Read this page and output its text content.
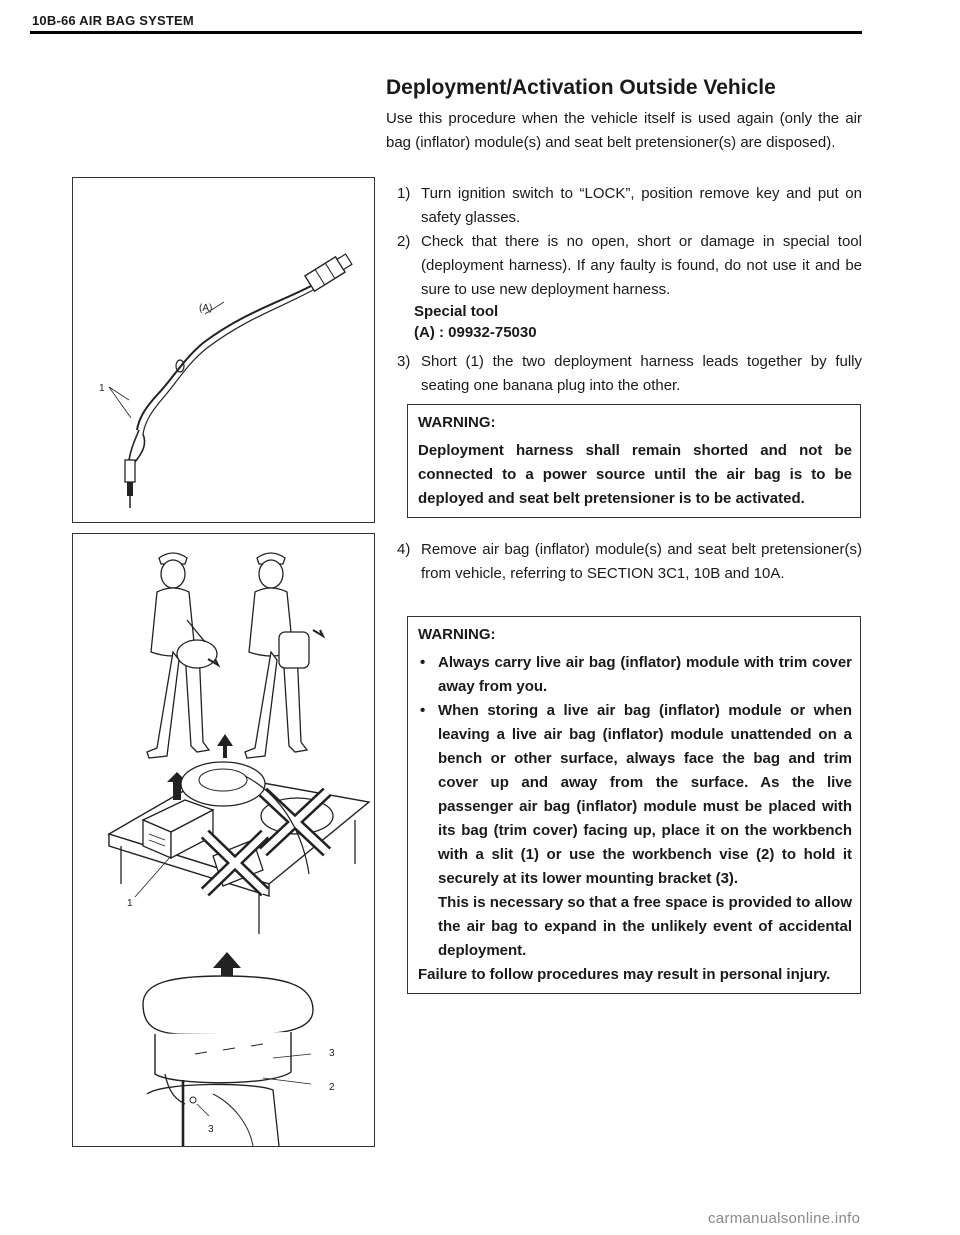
10B-66 AIR BAG SYSTEM
Deployment/Activation Outside Vehicle
Use this procedure when the vehicle itself is used again (only the air bag (inflator) module(s) and seat belt pretensioner(s) are disposed).
(A)
1
1) Turn ignition switch to “LOCK”, position remove key and put on safety glasses.
2) Check that there is no open, short or damage in special tool (deployment harness). If any faulty is found, do not use it and be sure to use new deployment harness.
Special tool
(A) : 09932-75030
3) Short (1) the two deployment harness leads together by fully seating one banana plug into the other.
WARNING:
Deployment harness shall remain shorted and not be connected to a power source until the air bag is to be deployed and seat belt pretensioner is to be activated.
1
3
2
3
4) Remove air bag (inflator) module(s) and seat belt pretensioner(s) from vehicle, referring to SECTION 3C1, 10B and 10A.
WARNING:
• Always carry live air bag (inflator) module with trim cover away from you.
• When storing a live air bag (inflator) module or when leaving a live air bag (inflator) module unattended on a bench or other surface, always face the bag and trim cover up and away from the surface. As the live passenger air bag (inflator) module must be placed with its bag (trim cover) facing up, place it on the workbench with a slit (1) or use the workbench vise (2) to hold it securely at its lower mounting bracket (3).
This is necessary so that a free space is provided to allow the air bag to expand in the unlikely event of accidental deployment.
Failure to follow procedures may result in personal injury.
carmanualsonline.info
